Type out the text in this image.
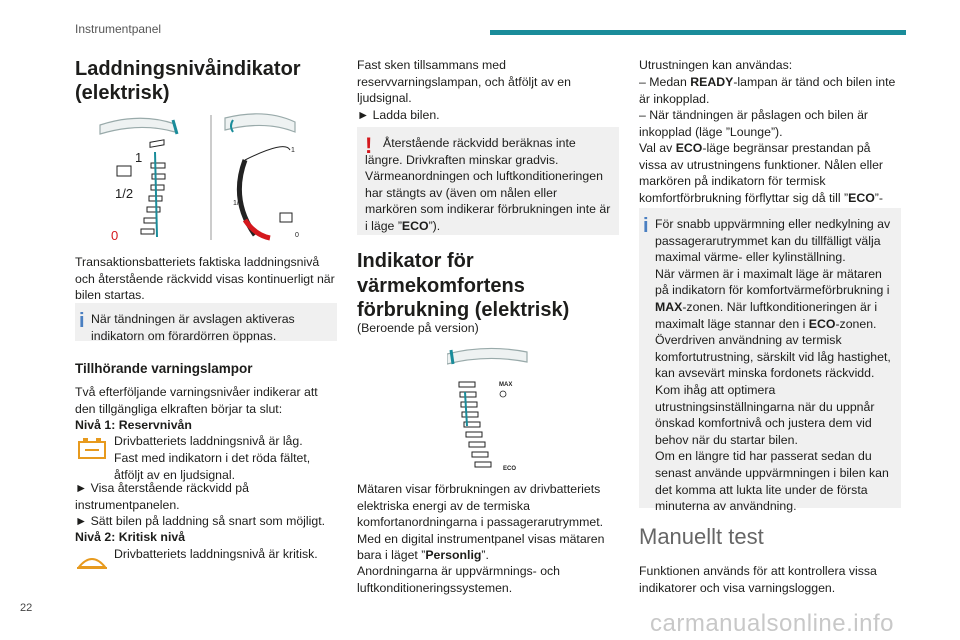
Instrumentpanel
22
Laddningsnivåindikator (elektrisk)
1
1/2
0
1
1/2
0

Transaktionsbatteriets faktiska laddningsnivå och återstående räckvidd visas kontinuerligt när bilen startas.

i När tändningen är avslagen aktiveras indikatorn om förardörren öppnas.
Tillhörande varningslampor

Två efterföljande varningsnivåer indikerar att den tillgängliga elkraften börjar ta slut:

Nivå 1: Reservnivån

Drivbatteriets laddningsnivå är låg.

Fast med indikatorn i det röda fältet, åtföljt av en ljudsignal.

► Visa återstående räckvidd på instrumentpanelen.

► Sätt bilen på laddning så snart som möjligt.

Nivå 2: Kritisk nivå

Drivbatteriets laddningsnivå är kritisk.

Fast sken tillsammans med reservvarningslampan, och åtföljt av en ljudsignal.

► Ladda bilen.

! Återstående räckvidd beräknas inte längre. Drivkraften minskar gradvis. Värmeanordningen och luftkonditioneringen har stängts av (även om nålen eller markören som indikerar förbrukningen inte är i läge ”ECO”).
Indikator för värmekomfortens förbrukning (elektrisk)

(Beroende på version)

MAX
ECO

Mätaren visar förbrukningen av drivbatteriets elektriska energi av de termiska komfortanordningarna i passagerarutrymmet. Med en digital instrumentpanel visas mätaren bara i läget ”Personlig”.

Anordningarna är uppvärmnings- och luftkonditioneringssystemen.

Utrustningen kan användas:

– Medan READY-lampan är tänd och bilen inte är inkopplad.

– När tändningen är påslagen och bilen är inkopplad (läge ”Lounge”).

Val av ECO-läge begränsar prestandan på vissa av utrustningens funktioner. Nålen eller markören på indikatorn för termisk komfortförbrukning förflyttar sig då till ”ECO”-

i För snabb uppvärmning eller nedkylning av passagerarutrymmet kan du tillfälligt välja maximal värme- eller kylinställning.

När värmen är i maximalt läge är mätaren på indikatorn för komfortvärmeförbrukning i MAX-zonen. När luftkonditioneringen är i maximalt läge stannar den i ECO-zonen.

Överdriven användning av termisk komfortutrustning, särskilt vid låg hastighet, kan avsevärt minska fordonets räckvidd.

Kom ihåg att optimera utrustningsinställningarna när du uppnår önskad komfortnivå och justera dem vid behov när du startar bilen.

Om en längre tid har passerat sedan du senast använde uppvärmningen i bilen kan det komma att lukta lite under de första minuterna av användning.

Manuellt test

Funktionen används för att kontrollera vissa indikatorer och visa varningsloggen.

carmanualsonline.info
